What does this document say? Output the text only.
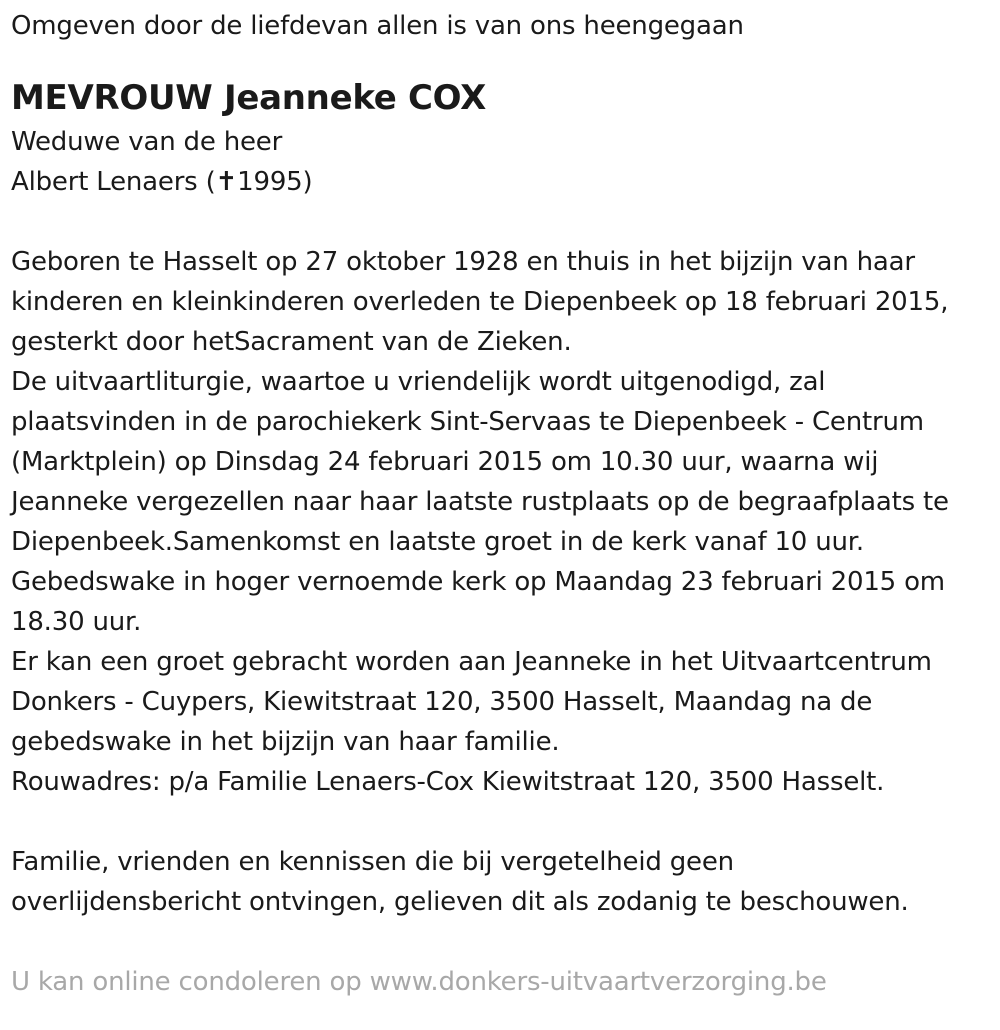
Omgeven door de liefdevan allen is van ons heengegaan
MEVROUW Jeanneke COX
Weduwe van de heer
Albert Lenaers (✝1995)
Geboren te Hasselt op 27 oktober 1928 en thuis in het bijzijn van haar
kinderen en kleinkinderen overleden te Diepenbeek op 18 februari 2015,
gesterkt door hetSacrament van de Zieken.
De uitvaartliturgie, waartoe u vriendelijk wordt uitgenodigd, zal
plaatsvinden in de parochiekerk Sint-Servaas te Diepenbeek - Centrum
(Marktplein) op Dinsdag 24 februari 2015 om 10.30 uur, waarna wij
Jeanneke vergezellen naar haar laatste rustplaats op de begraafplaats te
Diepenbeek.Samenkomst en laatste groet in de kerk vanaf 10 uur.
Gebedswake in hoger vernoemde kerk op Maandag 23 februari 2015 om
18.30 uur.
Er kan een groet gebracht worden aan Jeanneke in het Uitvaartcentrum
Donkers - Cuypers, Kiewitstraat 120, 3500 Hasselt, Maandag na de
gebedswake in het bijzijn van haar familie.
Rouwadres: p/a Familie Lenaers-Cox Kiewitstraat 120, 3500 Hasselt.
Familie, vrienden en kennissen die bij vergetelheid geen
overlijdensbericht ontvingen, gelieven dit als zodanig te beschouwen.
U kan online condoleren op www.donkers-uitvaartverzorging.be
